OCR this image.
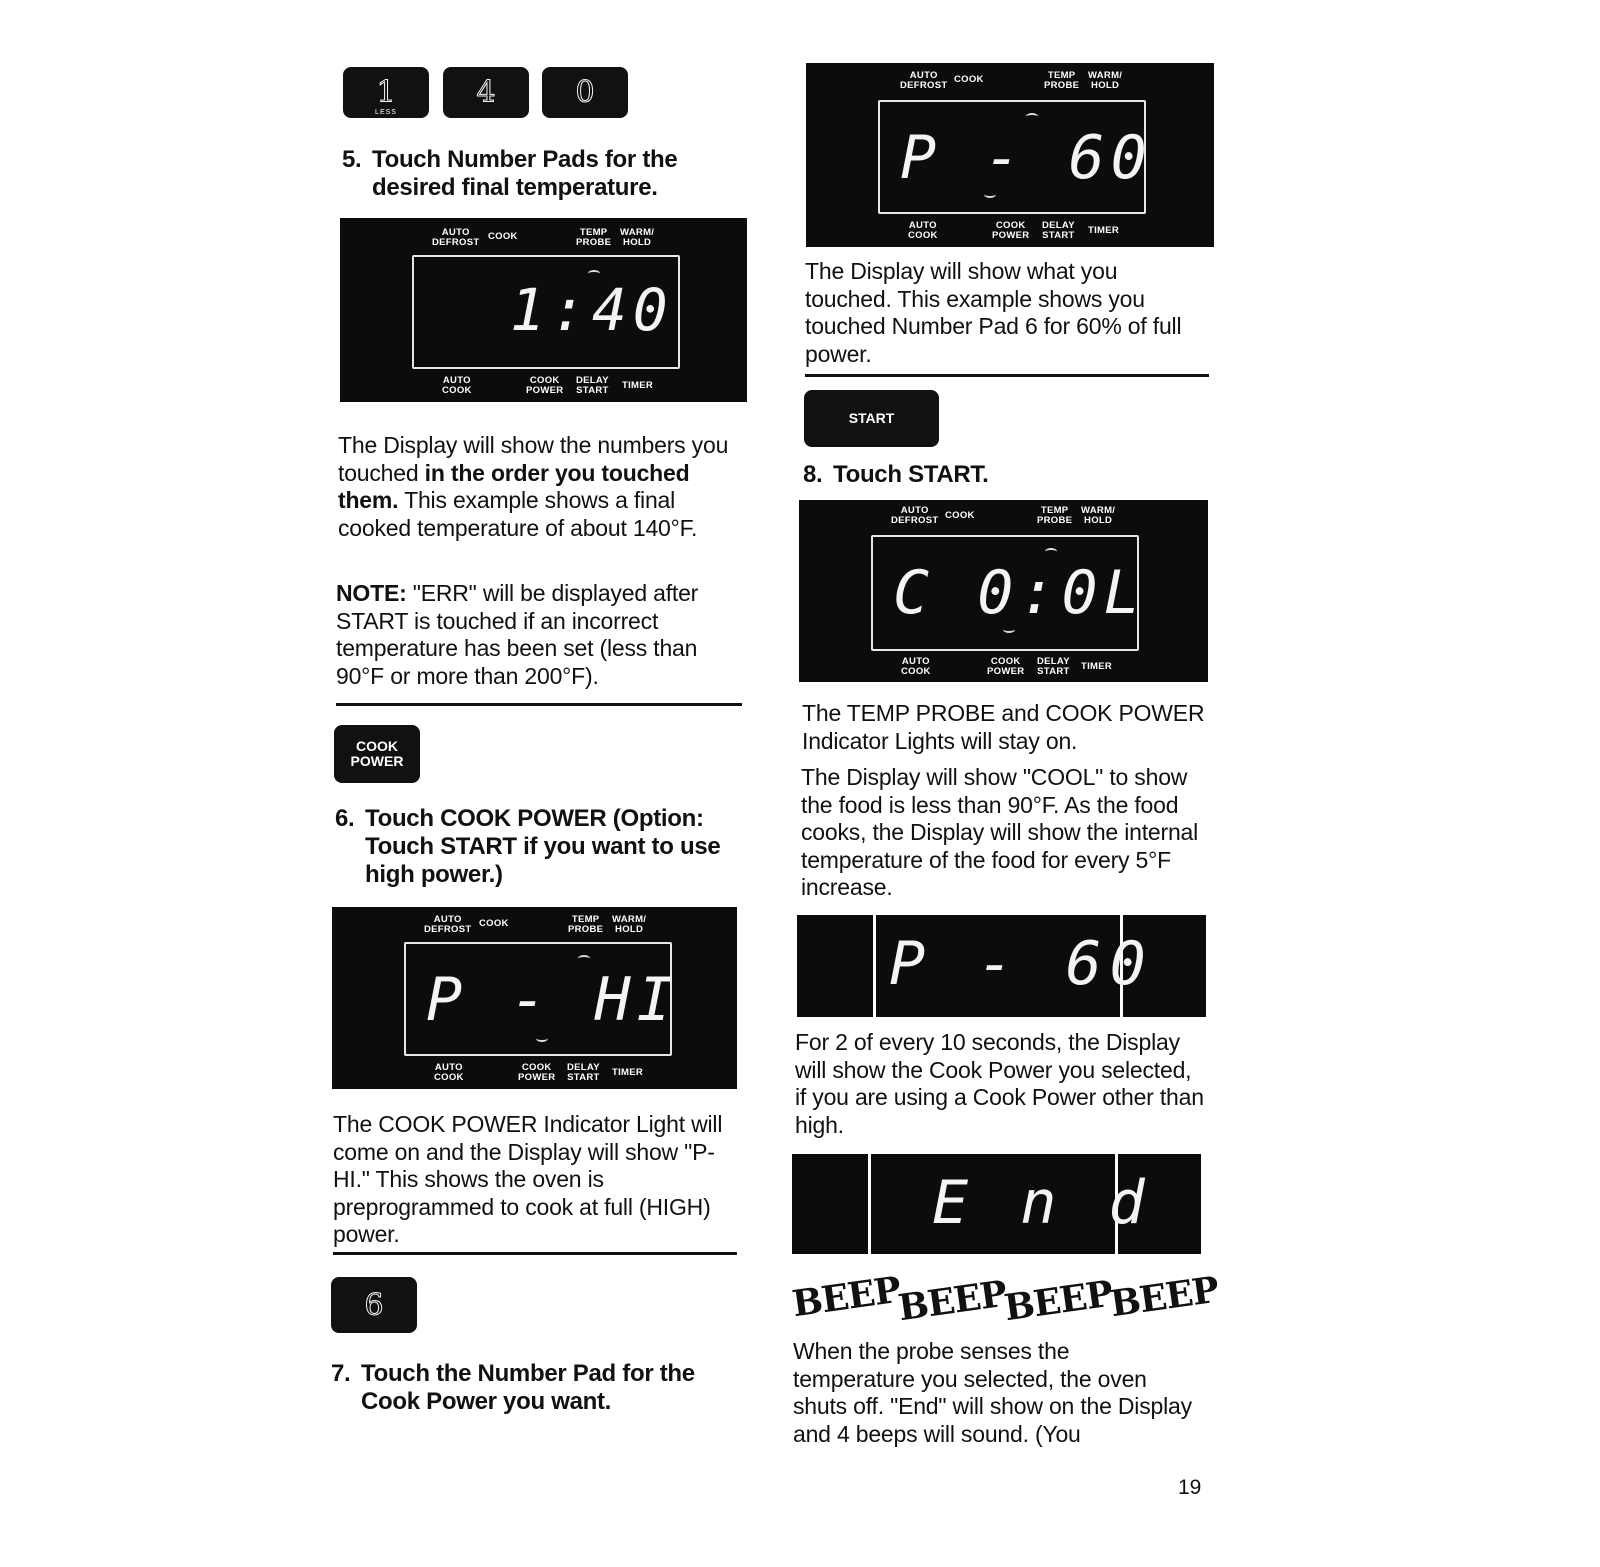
1
LESS
4	0
5. Touch Number Pads for the desired final temperature.
AUTO
DEFROST
COOK	TEMP
PROBE
WARM/
HOLD
1:40
AUTO
COOK
COOK
POWER
DELAY
START TIMER
The Display will show the numbers you touched in the order you touched them. This example shows a final cooked temperature of about 140°F.
NOTE: "ERR" will be displayed after START is touched if an incorrect temperature has been set (less than 90°F or more than 200°F).
COOK
POWER
6. Touch COOK POWER (Option: Touch START if you want to use high power.)
AUTO
DEFROST
COOK	TEMP
PROBE
WARM/
HOLD
P - HI
AUTO
COOK
COOK
POWER
DELAY
START TIMER
The COOK POWER Indicator Light will come on and the Display will show "P-HI." This shows the oven is preprogrammed to cook at full (HIGH) power.
6
7. Touch the Number Pad for the Cook Power you want.
AUTO
DEFROST
COOK	TEMP
PROBE
WARM/
HOLD
P - 60
AUTO
COOK
COOK
POWER
DELAY
START TIMER
The Display will show what you touched. This example shows you touched Number Pad 6 for 60% of full power.
START
8. Touch START.
AUTO
DEFROST COOK	TEMP
PROBE
WARM/
HOLD
C 0:0L
AUTO
COOK
COOK
POWER
DELAY
START TIMER
The TEMP PROBE and COOK POWER Indicator Lights will stay on.
The Display will show "COOL" to show the food is less than 90°F. As the food cooks, the Display will show the internal temperature of the food for every 5°F increase.
P - 60
For 2 of every 10 seconds, the Display will show the Cook Power you selected, if you are using a Cook Power other than high.
E n d
BEEP
BEEP
BEEP
BEEP
When the probe senses the temperature you selected, the oven shuts off. "End" will show on the Display and 4 beeps will sound. (You
19
